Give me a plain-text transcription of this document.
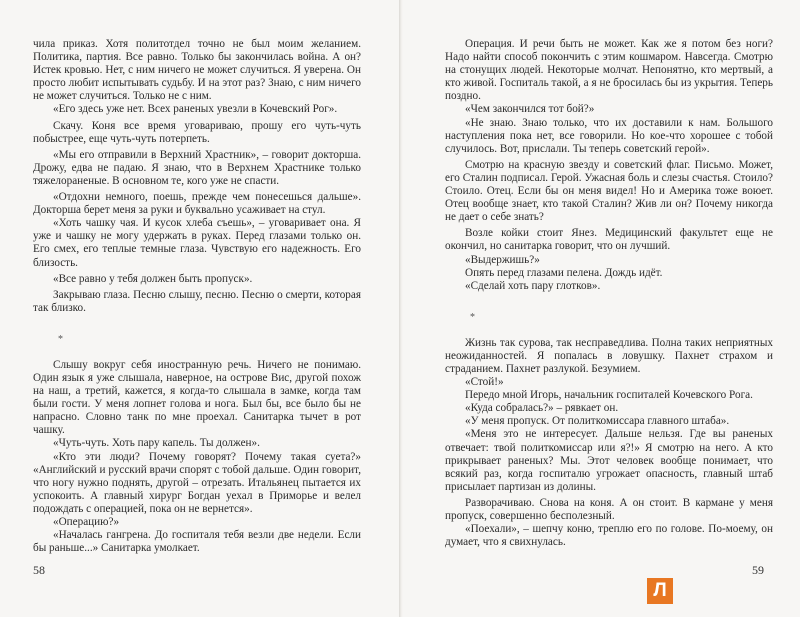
чила приказ. Хотя политотдел точно не был моим желанием. Политика, партия. Все равно. Только бы закончилась война. А он? Истек кровью. Нет, с ним ничего не может случиться. Я уверена. Он просто любит испытывать судьбу. И на этот раз? Знаю, с ним ничего не может случиться. Только не с ним.

«Его здесь уже нет. Всех раненых увезли в Кочевский Рог».

Скачу. Коня все время уговариваю, прошу его чуть-чуть побыстрее, еще чуть-чуть потерпеть.

«Мы его отправили в Верхний Храстник», – говорит докторша. Дрожу, едва не падаю. Я знаю, что в Верхнем Храстнике только тяжелораненые. В основном те, кого уже не спасти.

«Отдохни немного, поешь, прежде чем понесешься дальше». Докторша берет меня за руки и буквально усаживает на стул.

«Хоть чашку чая. И кусок хлеба съешь», – уговаривает она. Я уже и чашку не могу удержать в руках. Перед глазами только он. Его смех, его теплые темные глаза. Чувствую его надежность. Его близость.

«Все равно у тебя должен быть пропуск».

Закрываю глаза. Песню слышу, песню. Песню о смерти, которая так близко.

*

Слышу вокруг себя иностранную речь. Ничего не понимаю. Один язык я уже слышала, наверное, на острове Вис, другой похож на наш, а третий, кажется, я когда-то слышала в замке, когда там были гости. У меня лопнет голова и нога. Был бы, все было бы не напрасно. Словно танк по мне проехал. Санитарка тычет в рот чашку.

«Чуть-чуть. Хоть пару капель. Ты должен».

«Кто эти люди? Почему говорят? Почему такая суета?» «Английский и русский врачи спорят с тобой дальше. Один говорит, что ногу нужно поднять, другой – отрезать. Итальянец пытается их успокоить. А главный хирург Богдан уехал в Приморье и велел подождать с операцией, пока он не вернется».

«Операцию?»

«Началась гангрена. До госпиталя тебя везли две недели. Если бы раньше...» Санитарка умолкает.

58

Операция. И речи быть не может. Как же я потом без ноги? Надо найти способ покончить с этим кошмаром. Навсегда. Смотрю на стонущих людей. Некоторые молчат. Непонятно, кто мертвый, а кто живой. Госпиталь такой, а я не бросилась бы из укрытия. Теперь поздно.

«Чем закончился тот бой?»

«Не знаю. Знаю только, что их доставили к нам. Большого наступления пока нет, все говорили. Но кое-что хорошее с тобой случилось. Вот, прислали. Ты теперь советский герой».

Смотрю на красную звезду и советский флаг. Письмо. Может, его Сталин подписал. Герой. Ужасная боль и слезы счастья. Стоило? Стоило. Отец. Если бы он меня видел! Но и Америка тоже воюет. Отец вообще знает, кто такой Сталин? Жив ли он? Почему никогда не дает о себе знать?

Возле койки стоит Янез. Медицинский факультет еще не окончил, но санитарка говорит, что он лучший.

«Выдержишь?»

Опять перед глазами пелена. Дождь идёт.

«Сделай хоть пару глотков».

*

Жизнь так сурова, так несправедлива. Полна таких неприятных неожиданностей. Я попалась в ловушку. Пахнет страхом и страданием. Пахнет разлукой. Безумием.

«Стой!»

Передо мной Игорь, начальник госпиталей Кочевского Рога.

«Куда собралась?» – рявкает он.

«У меня пропуск. От политкомиссара главного штаба».

«Меня это не интересует. Дальше нельзя. Где вы раненых отвечает: твой политкомиссар или я?!» Я смотрю на него. А кто прикрывает раненых? Мы. Этот человек вообще понимает, что всякий раз, когда госпиталю угрожает опасность, главный штаб присылает партизан из долины.

Разворачиваю. Снова на коня. А он стоит. В кармане у меня пропуск, совершенно бесполезный.

«Поехали», – шепчу коню, треплю его по голове. По-моему, он думает, что я свихнулась.

59
Л
